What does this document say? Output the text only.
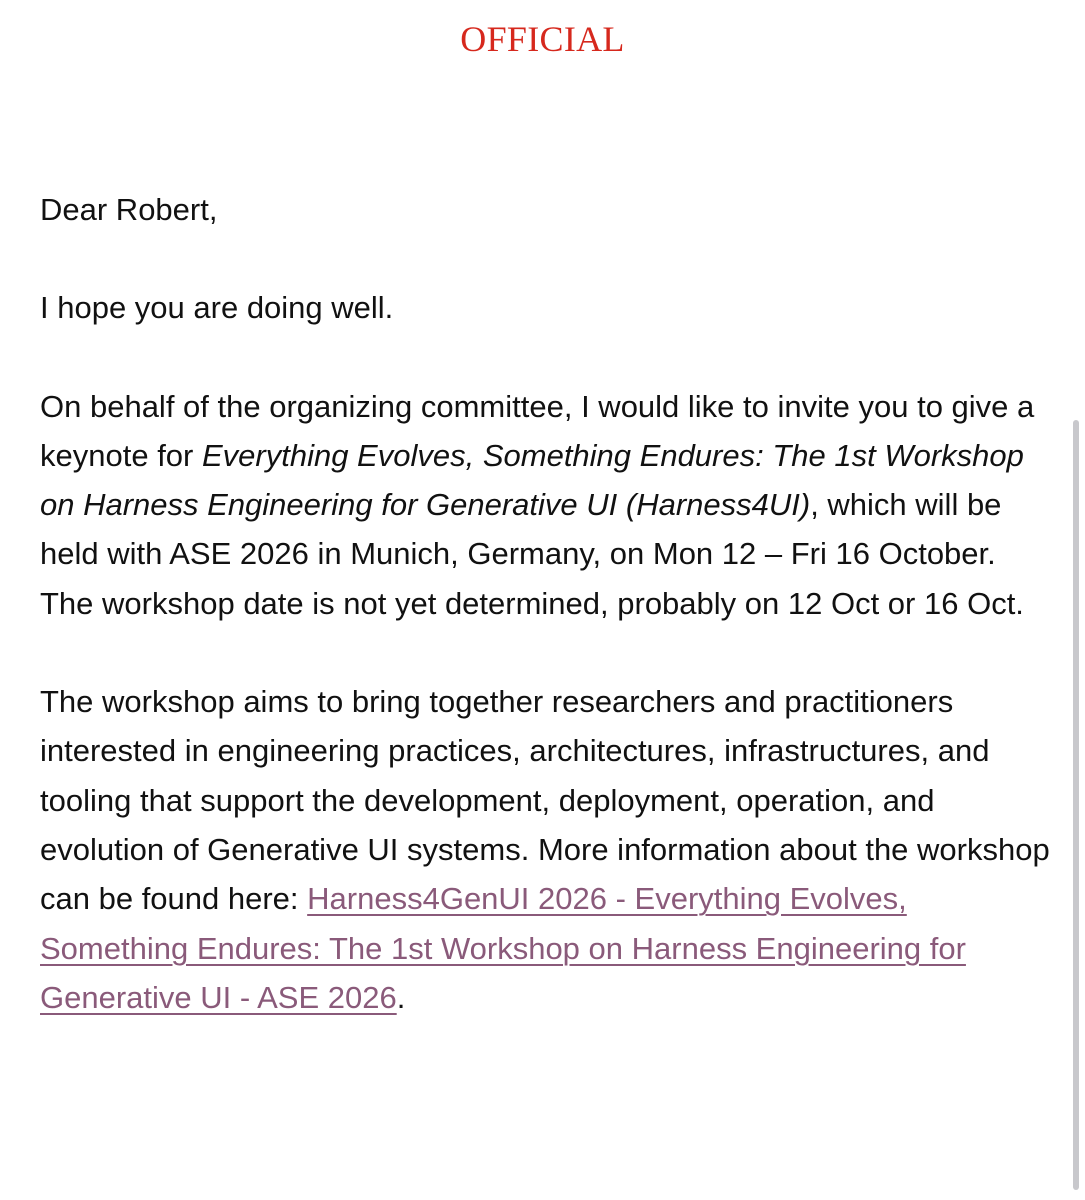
OFFICIAL

Dear Robert,

I hope you are doing well.

On behalf of the organizing committee, I would like to invite you to give a keynote for Everything Evolves, Something Endures: The 1st Workshop on Harness Engineering for Generative UI (Harness4UI), which will be held with ASE 2026 in Munich, Germany, on Mon 12 – Fri 16 October. The workshop date is not yet determined, probably on 12 Oct or 16 Oct.

The workshop aims to bring together researchers and practitioners interested in engineering practices, architectures, infrastructures, and tooling that support the development, deployment, operation, and evolution of Generative UI systems. More information about the workshop can be found here: Harness4GenUI 2026 - Everything Evolves, Something Endures: The 1st Workshop on Harness Engineering for Generative UI - ASE 2026.
